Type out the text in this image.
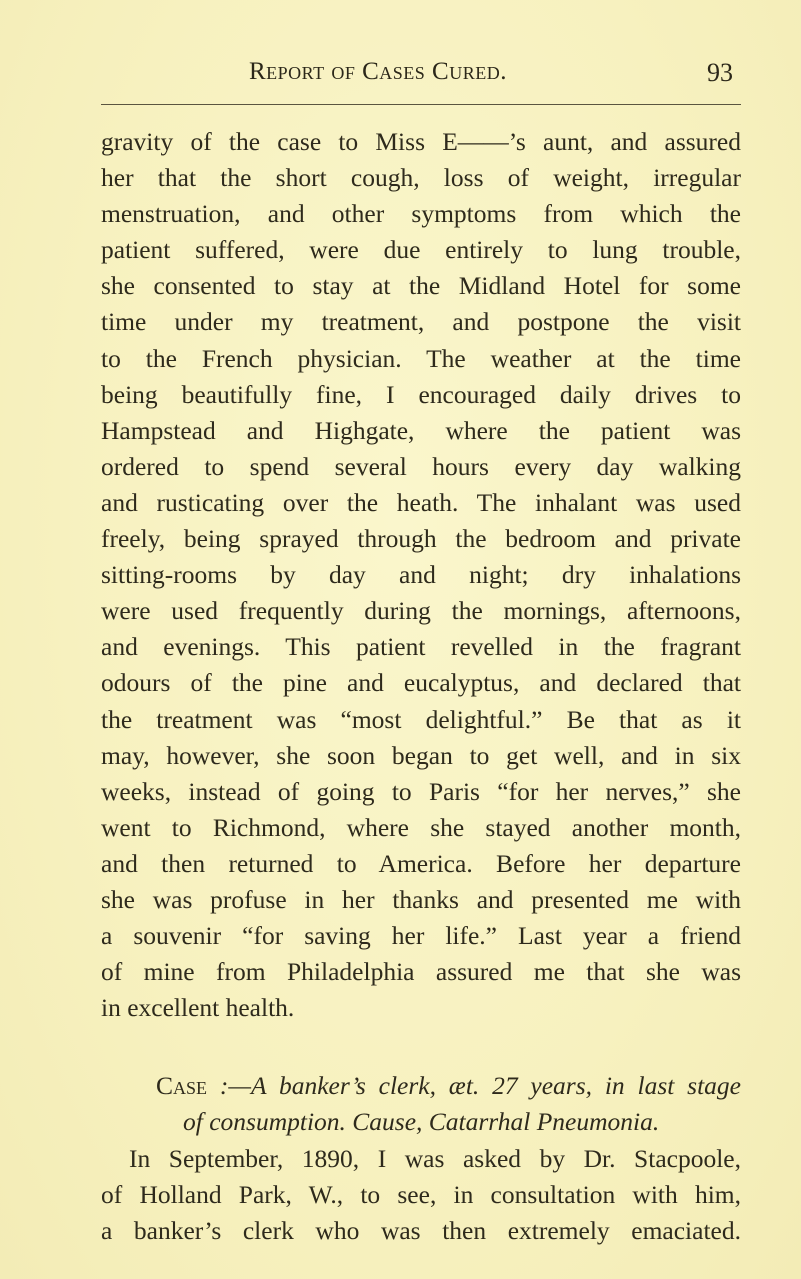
Report of Cases Cured.	93
gravity of the case to Miss E——’s aunt, and assured
her that the short cough, loss of weight, irregular
menstruation, and other symptoms from which the
patient suffered, were due entirely to lung trouble,
she consented to stay at the Midland Hotel for some
time under my treatment, and postpone the visit
to the French physician. The weather at the time
being beautifully fine, I encouraged daily drives to
Hampstead and Highgate, where the patient was
ordered to spend several hours every day walking
and rusticating over the heath. The inhalant was used
freely, being sprayed through the bedroom and private
sitting-rooms by day and night; dry inhalations
were used frequently during the mornings, afternoons,
and evenings. This patient revelled in the fragrant
odours of the pine and eucalyptus, and declared that
the treatment was “most delightful.” Be that as it
may, however, she soon began to get well, and in six
weeks, instead of going to Paris “for her nerves,” she
went to Richmond, where she stayed another month,
and then returned to America. Before her departure
she was profuse in her thanks and presented me with
a souvenir “for saving her life.” Last year a friend
of mine from Philadelphia assured me that she was
in excellent health.
Case :—A banker’s clerk, æt. 27 years, in last stage
of consumption. Cause, Catarrhal Pneumonia.
In September, 1890, I was asked by Dr. Stacpoole,
of Holland Park, W., to see, in consultation with him,
a banker’s clerk who was then extremely emaciated.
